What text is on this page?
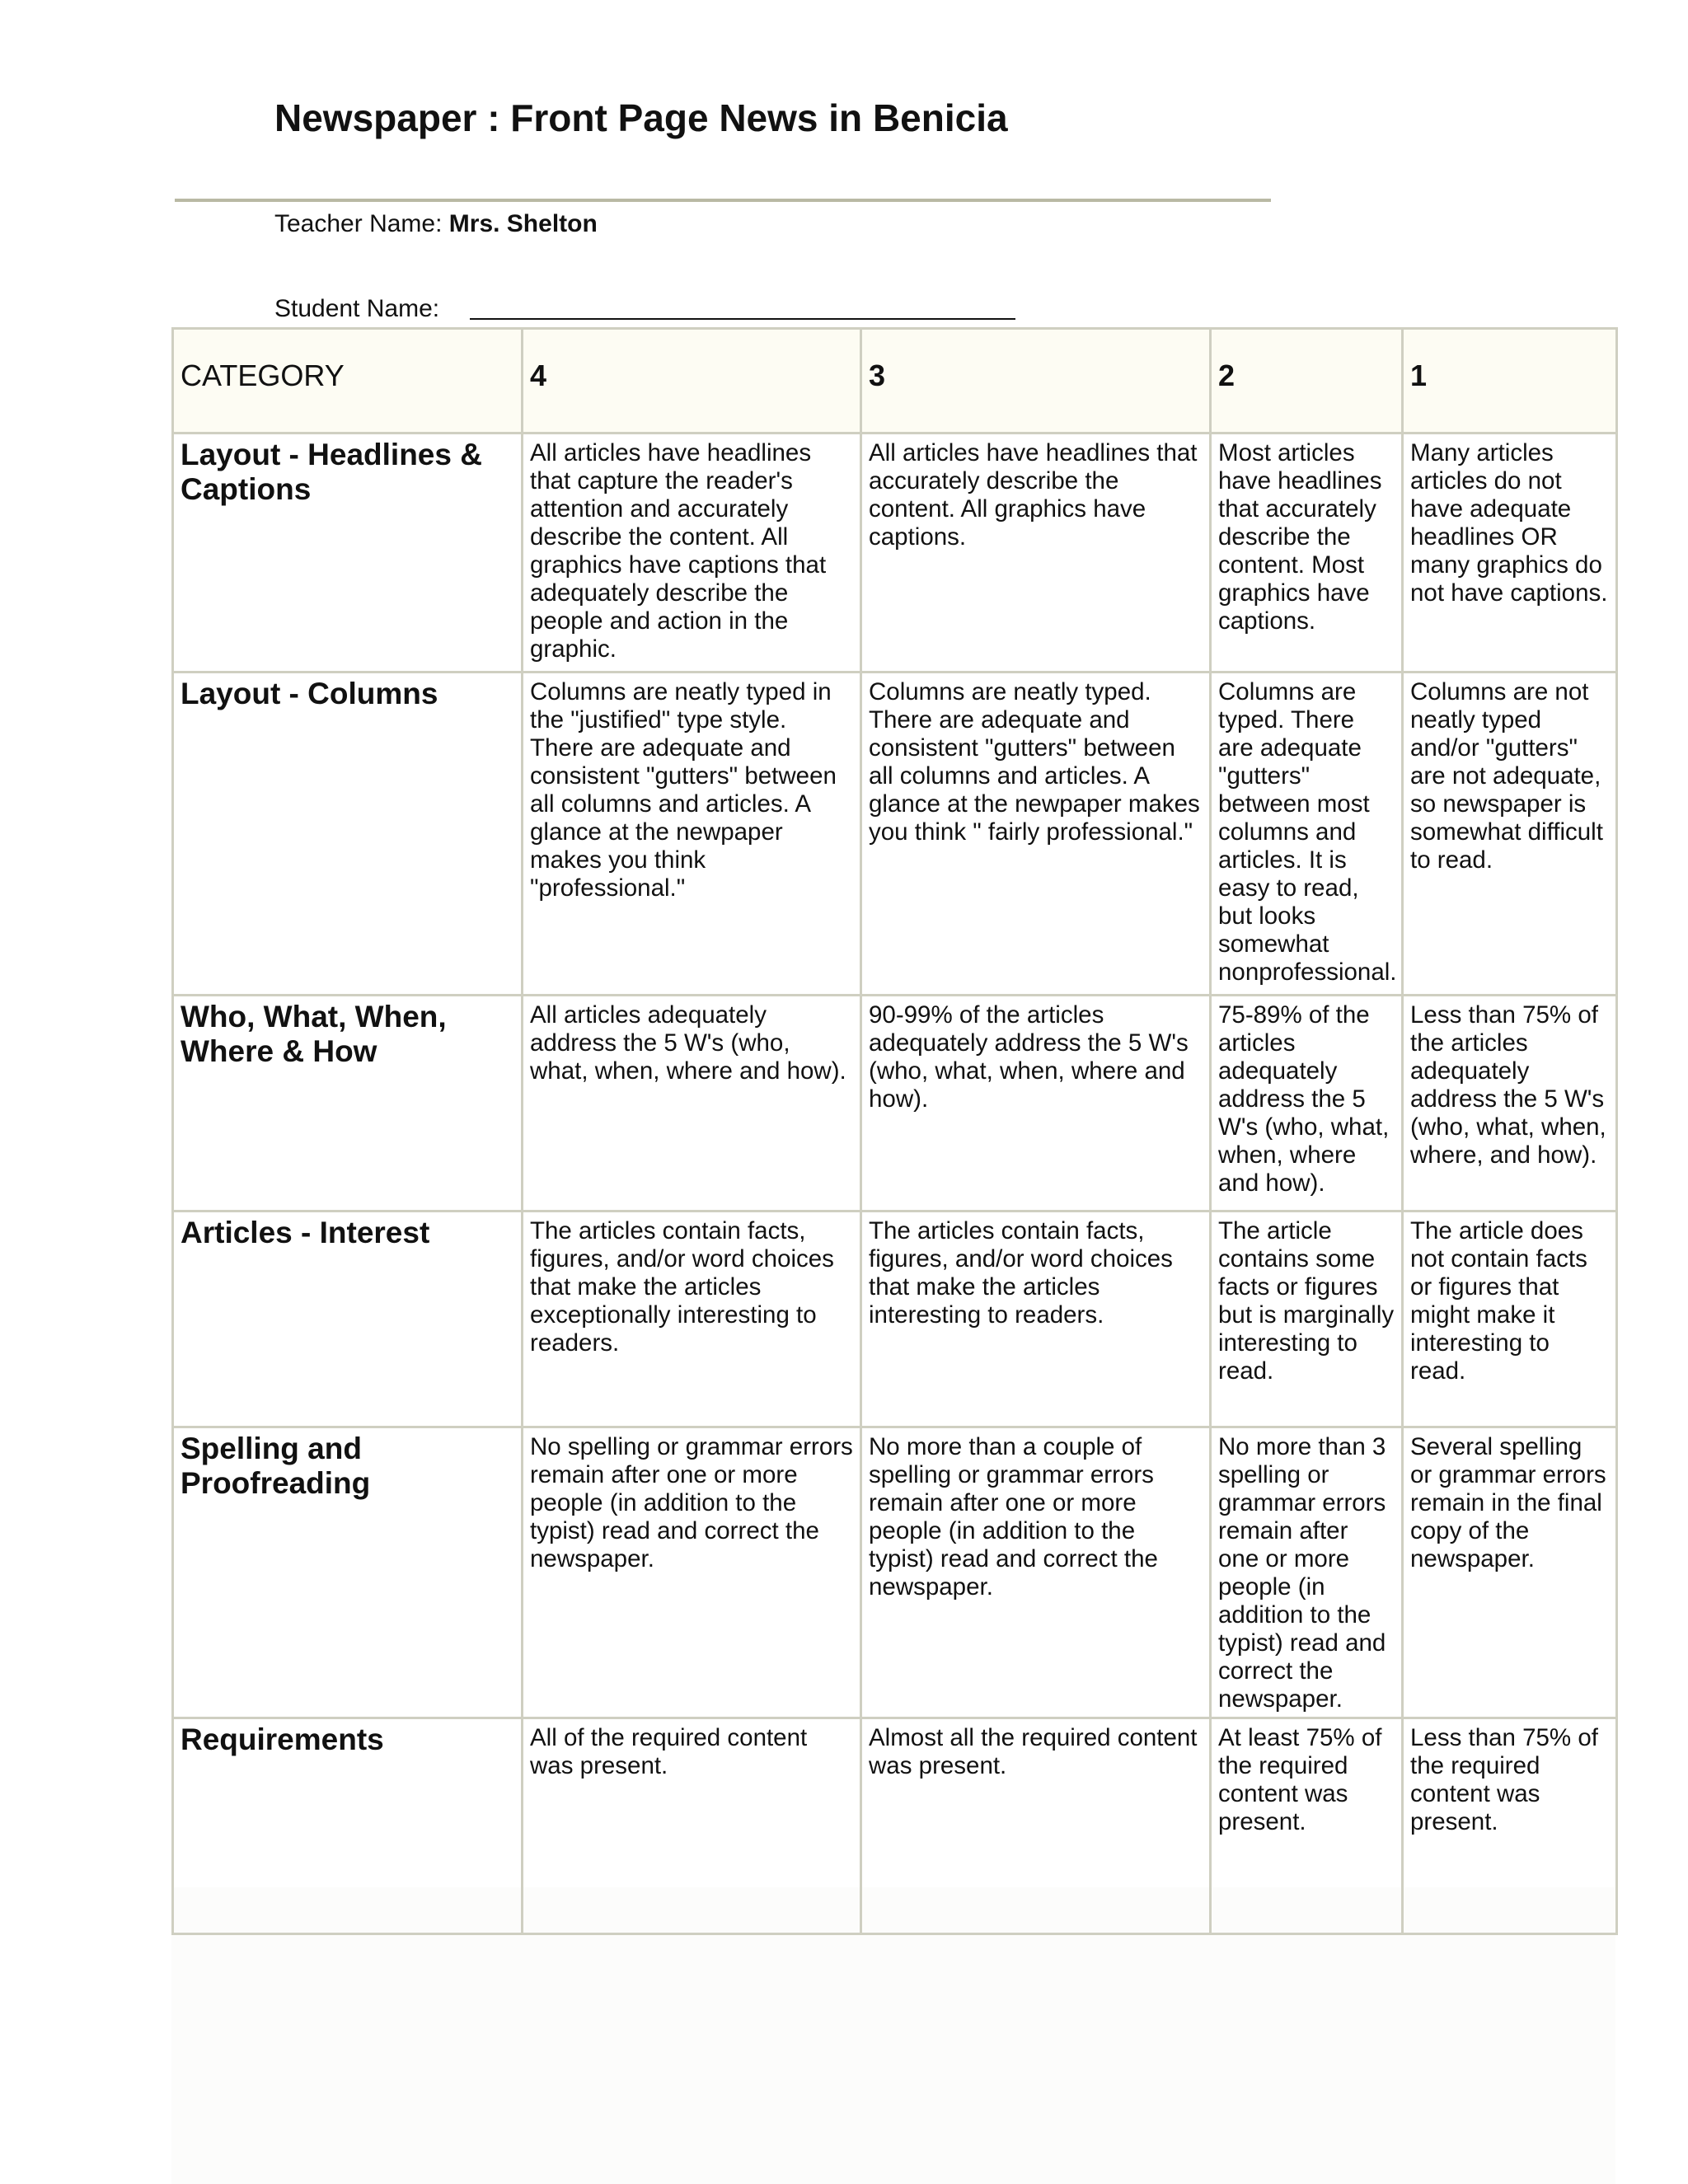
Newspaper : Front Page News in Benicia
Teacher Name: Mrs. Shelton
Student Name:
CATEGORY	4	3	2	1
Layout - Headlines & Captions	All articles have headlines that capture the reader's attention and accurately describe the content. All graphics have captions that adequately describe the people and action in the graphic.	All articles have headlines that accurately describe the content. All graphics have captions.	Most articles have headlines that accurately describe the content. Most graphics have captions.	Many articles articles do not have adequate headlines OR many graphics do not have captions.
Layout - Columns	Columns are neatly typed in the "justified" type style. There are adequate and consistent "gutters" between all columns and articles. A glance at the newpaper makes you think "professional."	Columns are neatly typed. There are adequate and consistent "gutters" between all columns and articles. A glance at the newpaper makes you think " fairly professional."	Columns are typed. There are adequate "gutters" between most columns and articles. It is easy to read, but looks somewhat nonprofessional.	Columns are not neatly typed and/or "gutters" are not adequate, so newspaper is somewhat difficult to read.
Who, What, When, Where & How	All articles adequately address the 5 W's (who, what, when, where and how).	90-99% of the articles adequately address the 5 W's (who, what, when, where and how).	75-89% of the articles adequately address the 5 W's (who, what, when, where and how).	Less than 75% of the articles adequately address the 5 W's (who, what, when, where, and how).
Articles - Interest	The articles contain facts, figures, and/or word choices that make the articles exceptionally interesting to readers.	The articles contain facts, figures, and/or word choices that make the articles interesting to readers.	The article contains some facts or figures but is marginally interesting to read.	The article does not contain facts or figures that might make it interesting to read.
Spelling and Proofreading	No spelling or grammar errors remain after one or more people (in addition to the typist) read and correct the newspaper.	No more than a couple of spelling or grammar errors remain after one or more people (in addition to the typist) read and correct the newspaper.	No more than 3 spelling or grammar errors remain after one or more people (in addition to the typist) read and correct the newspaper.	Several spelling or grammar errors remain in the final copy of the newspaper.
Requirements	All of the required content was present.	Almost all the required content was present.	At least 75% of the required content was present.	Less than 75% of the required content was present.
